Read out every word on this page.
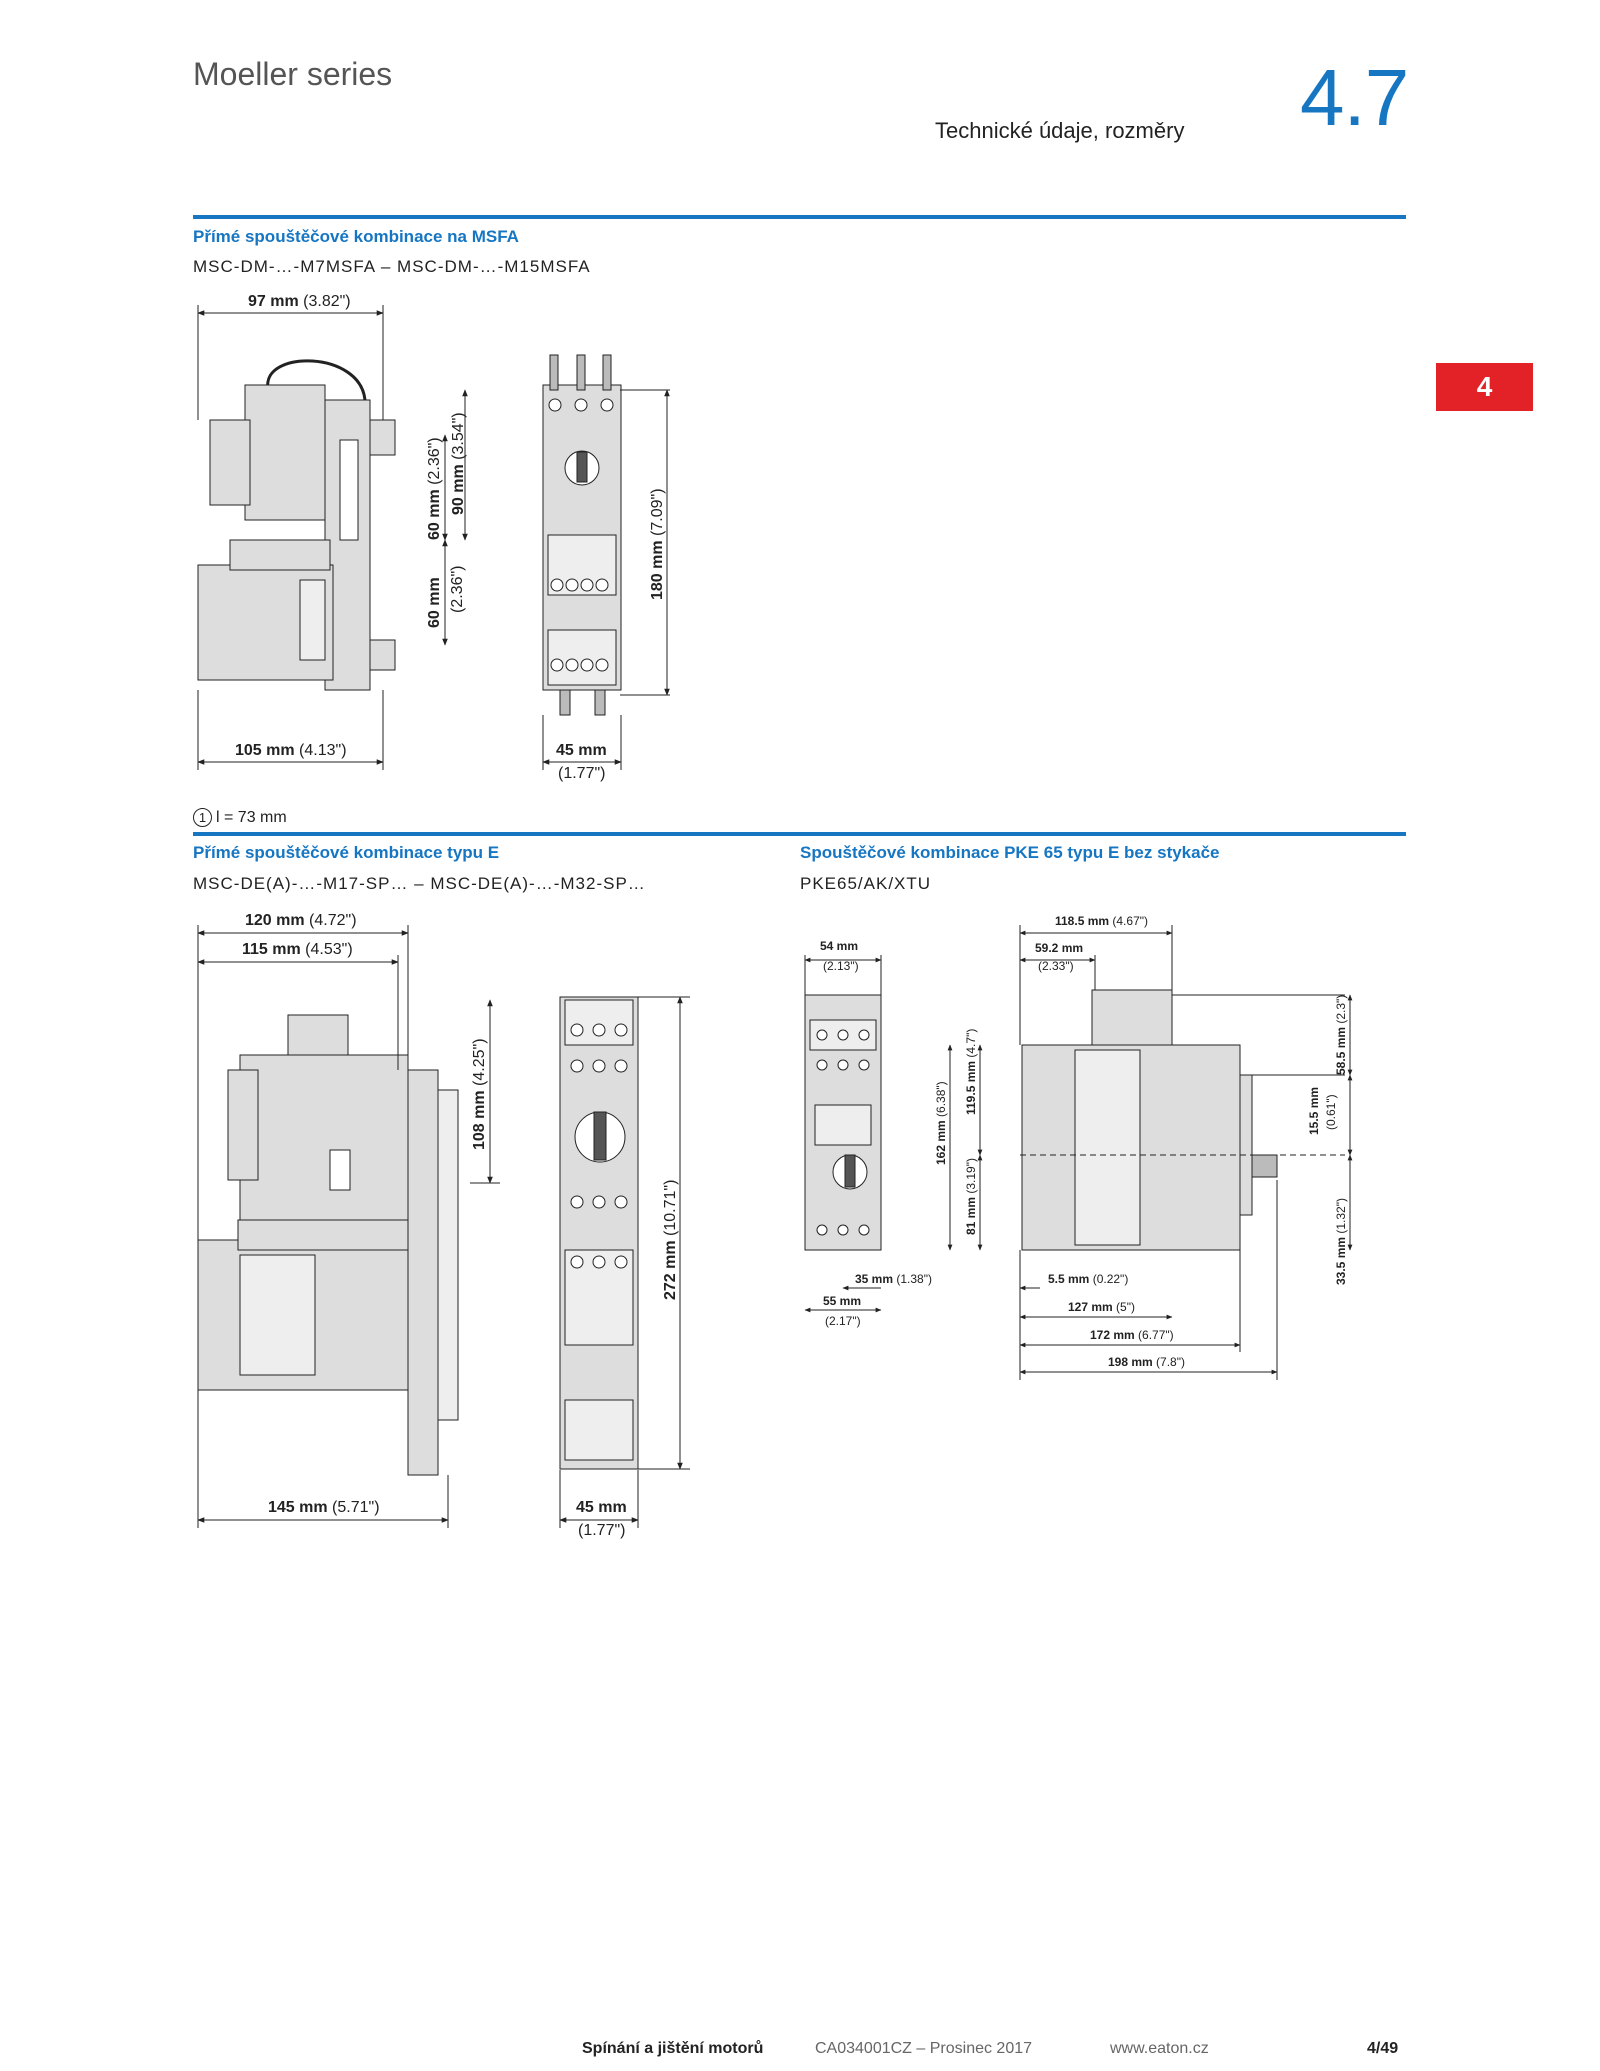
Moeller series
Technické údaje, rozměry 4.7
4
Přímé spouštěčové kombinace na MSFA
MSC-DM-…-M7MSFA – MSC-DM-…-M15MSFA
97 mm (3.82")
105 mm (4.13")	45 mm
(1.77")
60 mm (2.36")
60 mm (2.36")
90 mm (3.54")
180 mm (7.09")
1 l = 73 mm
Přímé spouštěčové kombinace typu E
MSC-DE(A)-…-M17-SP… – MSC-DE(A)-…-M32-SP…
Spouštěčové kombinace PKE 65 typu E bez stykače
PKE65/AK/XTU
120 mm (4.72")
115 mm (4.53")
108 mm (4.25")
272 mm (10.71")
145 mm (5.71")	45 mm
(1.77")
54 mm
(2.13")
118.5 mm (4.67")
59.2 mm
(2.33")
162 mm (6.38") 119.5 mm (4.7")
81 mm (3.19")
58.5 mm (2.3")
15.5 mm (0.61")
33.5 mm (1.32")
35 mm (1.38")
55 mm
(2.17")
5.5 mm (0.22")
127 mm (5")
172 mm (6.77")
198 mm (7.8")
Spínání a jištění motorů	CA034001CZ – Prosinec 2017	www.eaton.cz	4/49
